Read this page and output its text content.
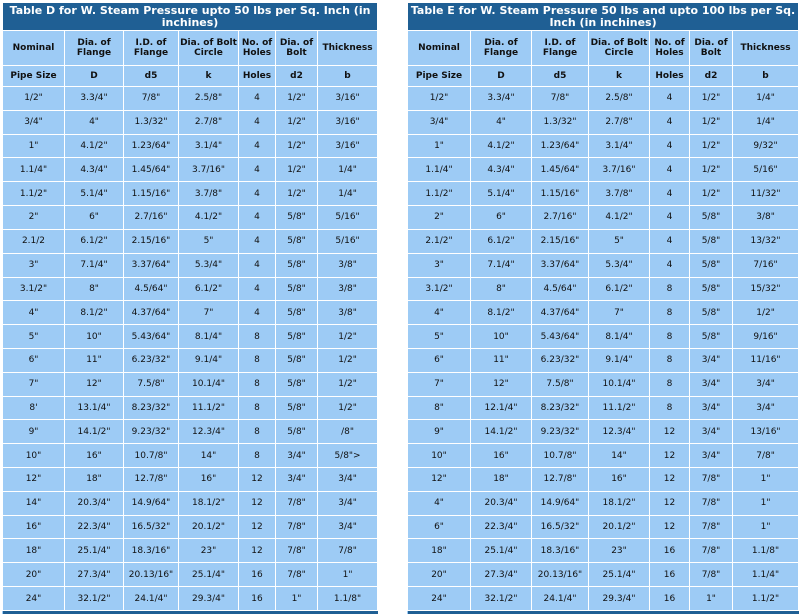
Table D for W. Steam Pressure upto 50 lbs per Sq. Inch (in inchines)						
Nominal	Dia. of Flange	I.D. of Flange	Dia. of Bolt Circle	No. of Holes	Dia. of Bolt	Thickness
Pipe Size	D	d5	k	Holes	d2	b
1/2"	3.3/4"	7/8"	2.5/8"	4	1/2"	3/16"
3/4"	4"	1.3/32"	2.7/8"	4	1/2"	3/16"
1"	4.1/2"	1.23/64"	3.1/4"	4	1/2"	3/16"
1.1/4"	4.3/4"	1.45/64"	3.7/16"	4	1/2"	1/4"
1.1/2"	5.1/4"	1.15/16"	3.7/8"	4	1/2"	1/4"
2"	6"	2.7/16"	4.1/2"	4	5/8"	5/16"
2.1/2	6.1/2"	2.15/16"	5"	4	5/8"	5/16"
3"	7.1/4"	3.37/64"	5.3/4"	4	5/8"	3/8"
3.1/2"	8"	4.5/64"	6.1/2"	4	5/8"	3/8"
4"	8.1/2"	4.37/64"	7"	4	5/8"	3/8"
5"	10"	5.43/64"	8.1/4"	8	5/8"	1/2"
6"	11"	6.23/32"	9.1/4"	8	5/8"	1/2"
7"	12"	7.5/8"	10.1/4"	8	5/8"	1/2"
8'	13.1/4"	8.23/32"	11.1/2"	8	5/8"	1/2"
9"	14.1/2"	9.23/32"	12.3/4"	8	5/8"	/8"
10"	16"	10.7/8"	14"	8	3/4"	5/8">
12"	18"	12.7/8"	16"	12	3/4"	3/4"
14"	20.3/4"	14.9/64"	18.1/2"	12	7/8"	3/4"
16"	22.3/4"	16.5/32"	20.1/2"	12	7/8"	3/4"
18"	25.1/4"	18.3/16"	23"	12	7/8"	7/8"
20"	27.3/4"	20.13/16"	25.1/4"	16	7/8"	1"
24"	32.1/2"	24.1/4"	29.3/4"	16	1"	1.1/8"

Table E for W. Steam Pressure 50 lbs and upto 100 lbs per Sq. Inch (in inchines)						
Nominal	Dia. of Flange	I.D. of Flange	Dia. of Bolt Circle	No. of Holes	Dia. of Bolt	Thickness
Pipe Size	D	d5	k	Holes	d2	b
1/2"	3.3/4"	7/8"	2.5/8"	4	1/2"	1/4"
3/4"	4"	1.3/32"	2.7/8"	4	1/2"	1/4"
1"	4.1/2"	1.23/64"	3.1/4"	4	1/2"	9/32"
1.1/4"	4.3/4"	1.45/64"	3.7/16"	4	1/2"	5/16"
1.1/2"	5.1/4"	1.15/16"	3.7/8"	4	1/2"	11/32"
2"	6"	2.7/16"	4.1/2"	4	5/8"	3/8"
2.1/2"	6.1/2"	2.15/16"	5"	4	5/8"	13/32"
3"	7.1/4"	3.37/64"	5.3/4"	4	5/8"	7/16"
3.1/2"	8"	4.5/64"	6.1/2"	8	5/8"	15/32"
4"	8.1/2"	4.37/64"	7"	8	5/8"	1/2"
5"	10"	5.43/64"	8.1/4"	8	5/8"	9/16"
6"	11"	6.23/32"	9.1/4"	8	3/4"	11/16"
7"	12"	7.5/8"	10.1/4"	8	3/4"	3/4"
8"	12.1/4"	8.23/32"	11.1/2"	8	3/4"	3/4"
9"	14.1/2"	9.23/32"	12.3/4"	12	3/4"	13/16"
10"	16"	10.7/8"	14"	12	3/4"	7/8"
12"	18"	12.7/8"	16"	12	7/8"	1"
4"	20.3/4"	14.9/64"	18.1/2"	12	7/8"	1"
6"	22.3/4"	16.5/32"	20.1/2"	12	7/8"	1"
18"	25.1/4"	18.3/16"	23"	16	7/8"	1.1/8"
20"	27.3/4"	20.13/16"	25.1/4"	16	7/8"	1.1/4"
24"	32.1/2"	24.1/4"	29.3/4"	16	1"	1.1/2"
